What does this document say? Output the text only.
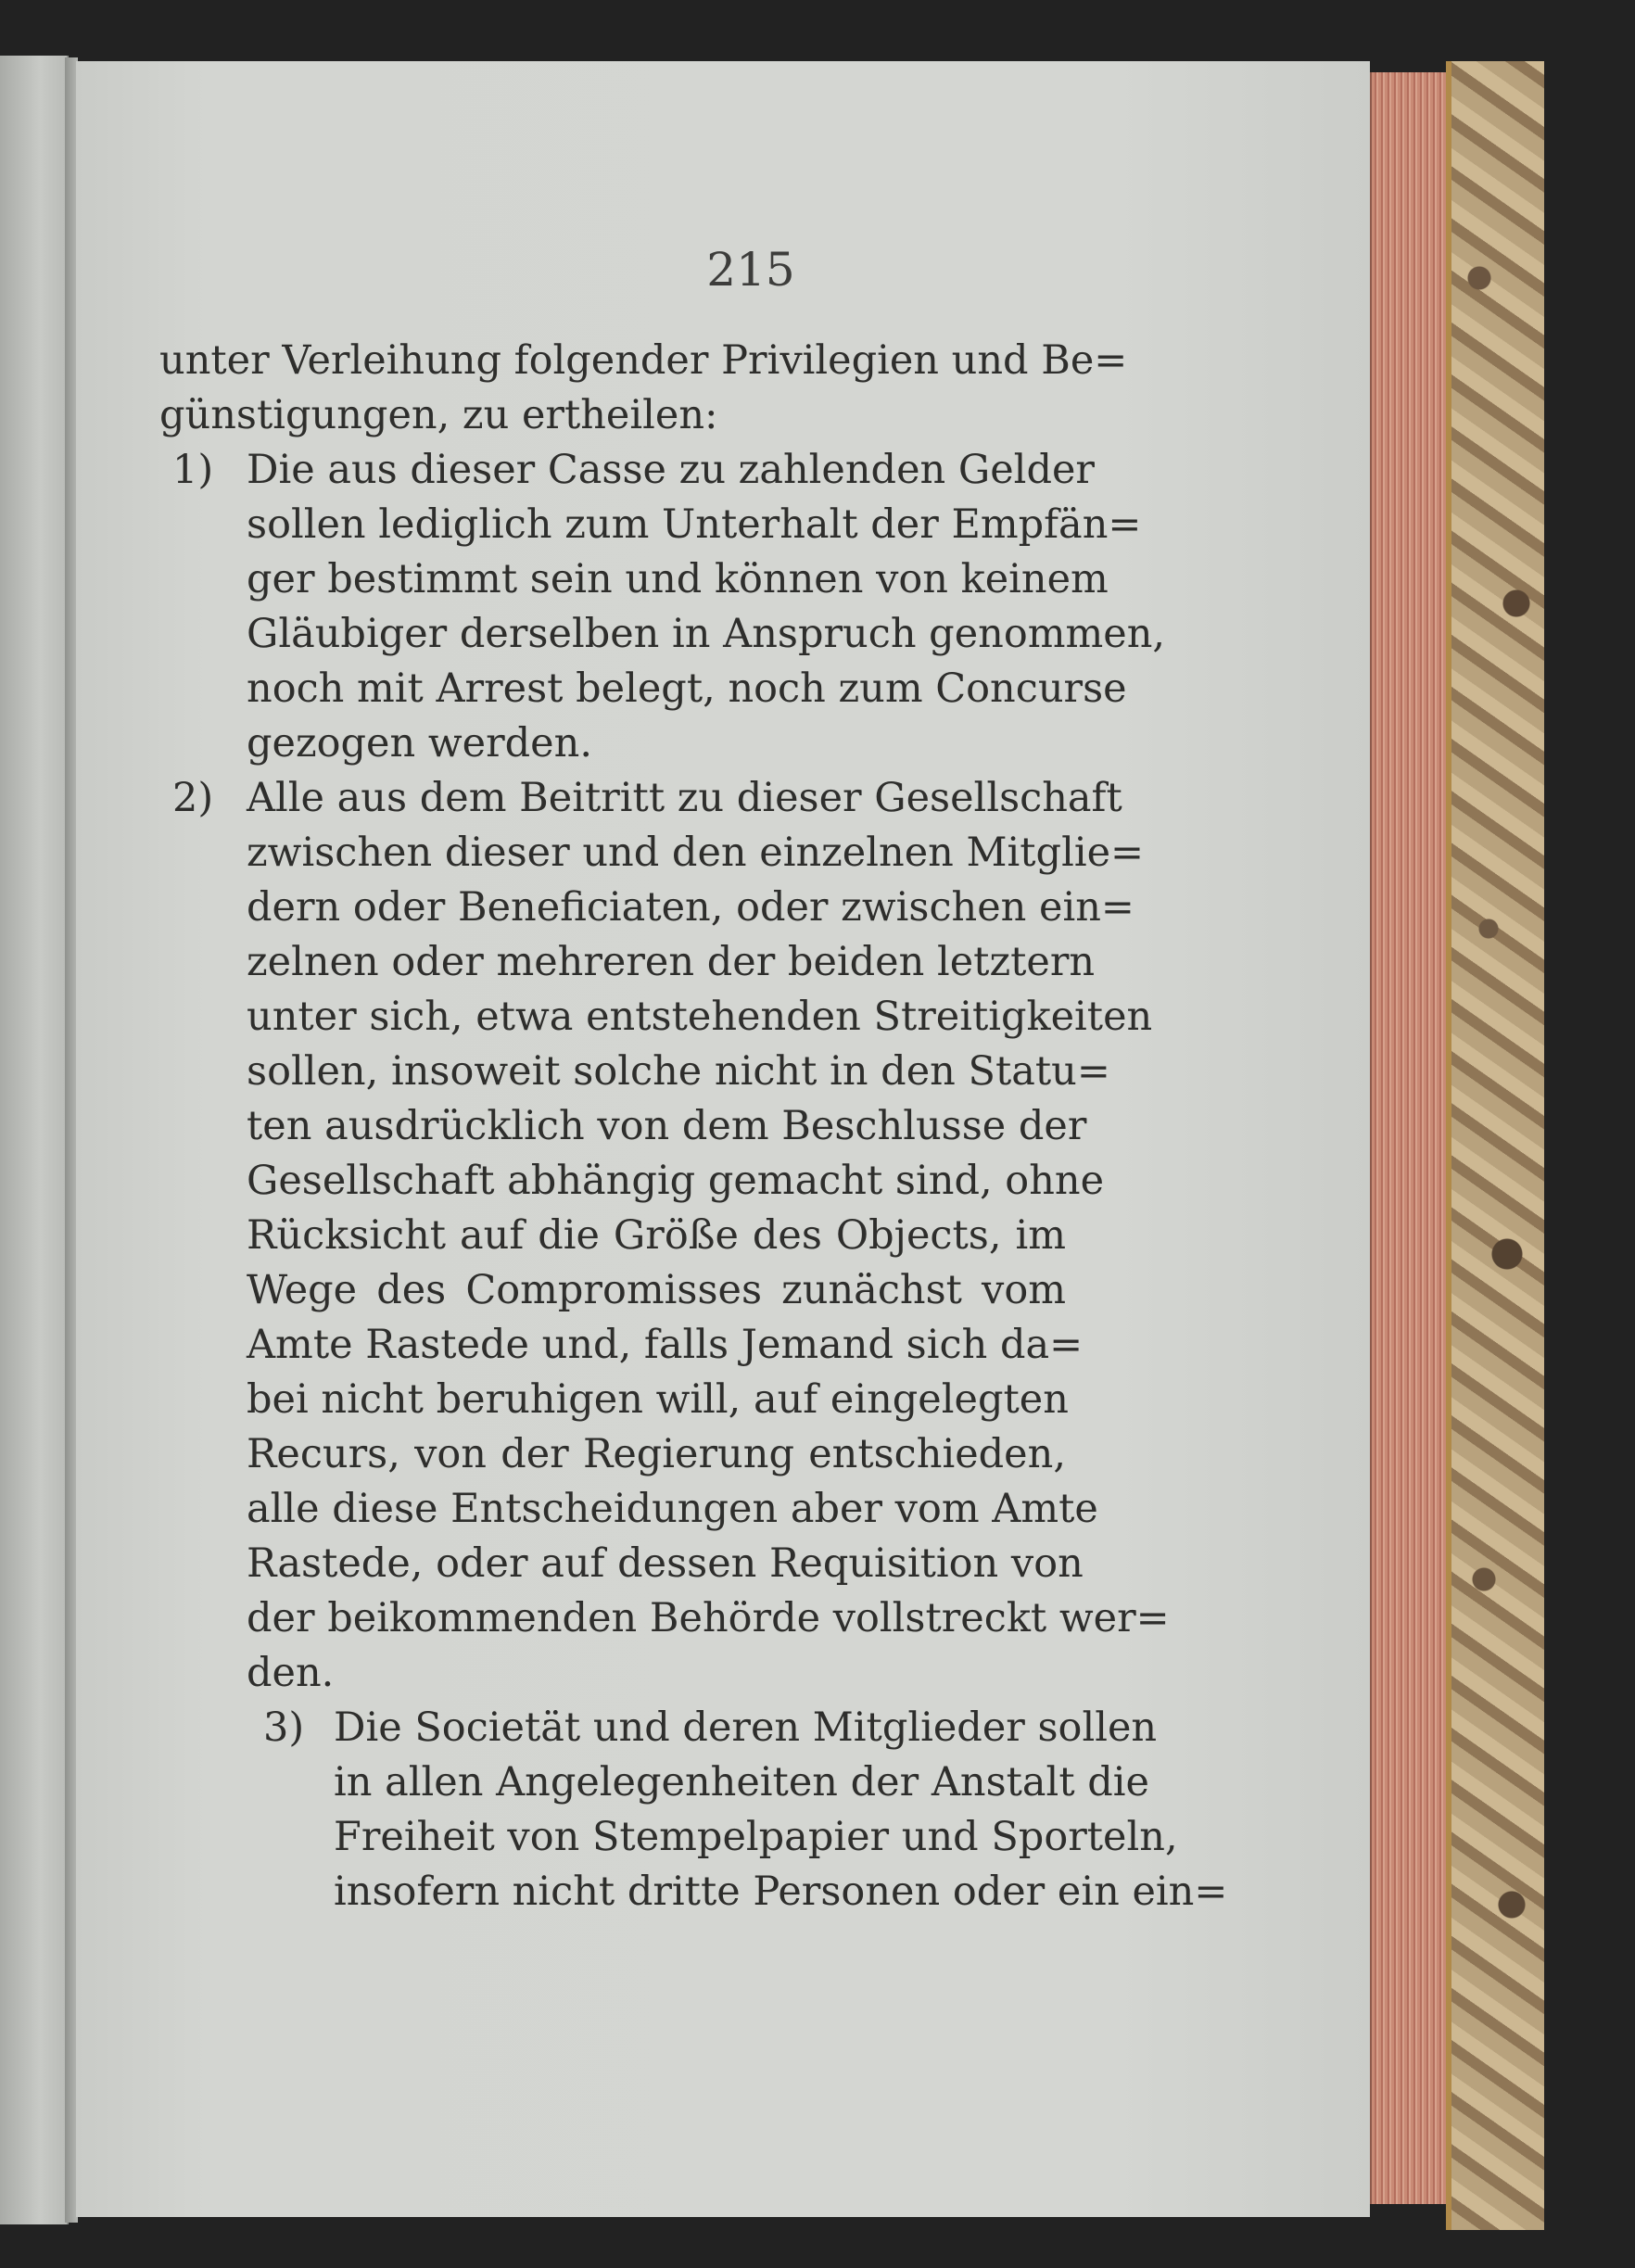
215
unter Verleihung folgender Privilegien und Be=
günstigungen, zu ertheilen:
1) Die aus dieser Casse zu zahlenden Gelder
sollen lediglich zum Unterhalt der Empfän=
ger bestimmt sein und können von keinem
Gläubiger derselben in Anspruch genommen,
noch mit Arrest belegt, noch zum Concurse
gezogen werden.
2) Alle aus dem Beitritt zu dieser Gesellschaft
zwischen dieser und den einzelnen Mitglie=
dern oder Beneficiaten, oder zwischen ein=
zelnen oder mehreren der beiden letztern
unter sich, etwa entstehenden Streitigkeiten
sollen, insoweit solche nicht in den Statu=
ten ausdrücklich von dem Beschlusse der
Gesellschaft abhängig gemacht sind, ohne
Rücksicht auf die Größe des Objects, im
Wege des Compromisses zunächst vom
Amte Rastede und, falls Jemand sich da=
bei nicht beruhigen will, auf eingelegten
Recurs, von der Regierung entschieden,
alle diese Entscheidungen aber vom Amte
Rastede, oder auf dessen Requisition von
der beikommenden Behörde vollstreckt wer=
den.
3) Die Societät und deren Mitglieder sollen
in allen Angelegenheiten der Anstalt die
Freiheit von Stempelpapier und Sporteln,
insofern nicht dritte Personen oder ein ein=
